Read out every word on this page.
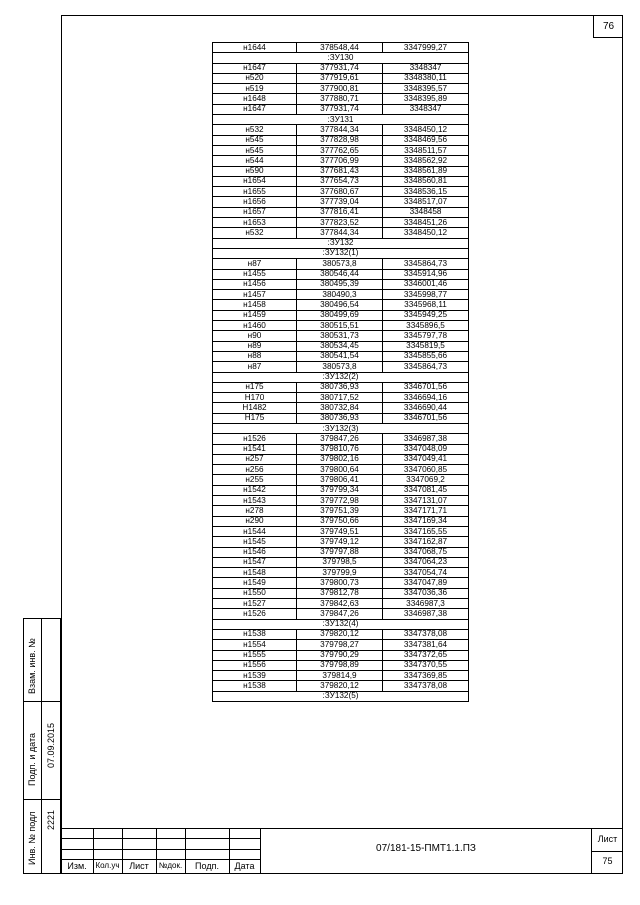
76
н1644	378548,44	3347999,27
:ЗУ130		
н1647	377931,74	3348347
н520	377919,61	3348380,11
н519	377900,81	3348395,57
н1648	377880,71	3348395,89
н1647	377931,74	3348347
:ЗУ131		
н532	377844,34	3348450,12
н545	377828,98	3348469,56
н545	377762,65	3348511,57
н544	377706,99	3348562,92
н590	377681,43	3348561,89
н1654	377654,73	3348560,81
н1655	377680,67	3348536,15
н1656	377739,04	3348517,07
н1657	377816,41	3348458
н1653	377823,52	3348451,26
н532	377844,34	3348450,12
:ЗУ132		
:ЗУ132(1)		
н87	380573,8	3345864,73
н1455	380546,44	3345914,96
н1456	380495,39	3346001,46
н1457	380490,3	3345998,77
н1458	380496,54	3345968,11
н1459	380499,69	3345949,25
н1460	380515,51	3345896,5
н90	380531,73	3345797,78
н89	380534,45	3345819,5
н88	380541,54	3345855,66
н87	380573,8	3345864,73
:ЗУ132(2)		
н175	380736,93	3346701,56
Н170	380717,52	3346694,16
Н1482	380732,84	3346690,44
Н175	380736,93	3346701,56
:ЗУ132(3)		
н1526	379847,26	3346987,38
н1541	379810,76	3347048,09
н257	379802,16	3347049,41
н256	379800,64	3347060,85
н255	379806,41	3347069,2
н1542	379799,34	3347081,45
н1543	379772,98	3347131,07
н278	379751,39	3347171,71
н290	379750,66	3347169,34
н1544	379749,51	3347165,55
н1545	379749,12	3347162,87
н1546	379797,88	3347068,75
н1547	379798,5	3347064,23
н1548	379799,9	3347054,74
н1549	379800,73	3347047,89
н1550	379812,78	3347036,36
н1527	379842,63	3346987,3
н1526	379847,26	3346987,38
:ЗУ132(4)		
н1538	379820,12	3347378,08
н1554	379798,27	3347381,64
н1555	379790,29	3347372,65
н1556	379798,89	3347370,55
н1539	379814,9	3347369,85
н1538	379820,12	3347378,08
:ЗУ132(5)		
Взам. инв. №
Подп. и дата 07.09.2015
Инв. № подл 2221
Изм.	Кол.уч	Лист	№док.	Подп.	Дата
07/181-15-ПМТ1.1.ПЗ
Лист
75
